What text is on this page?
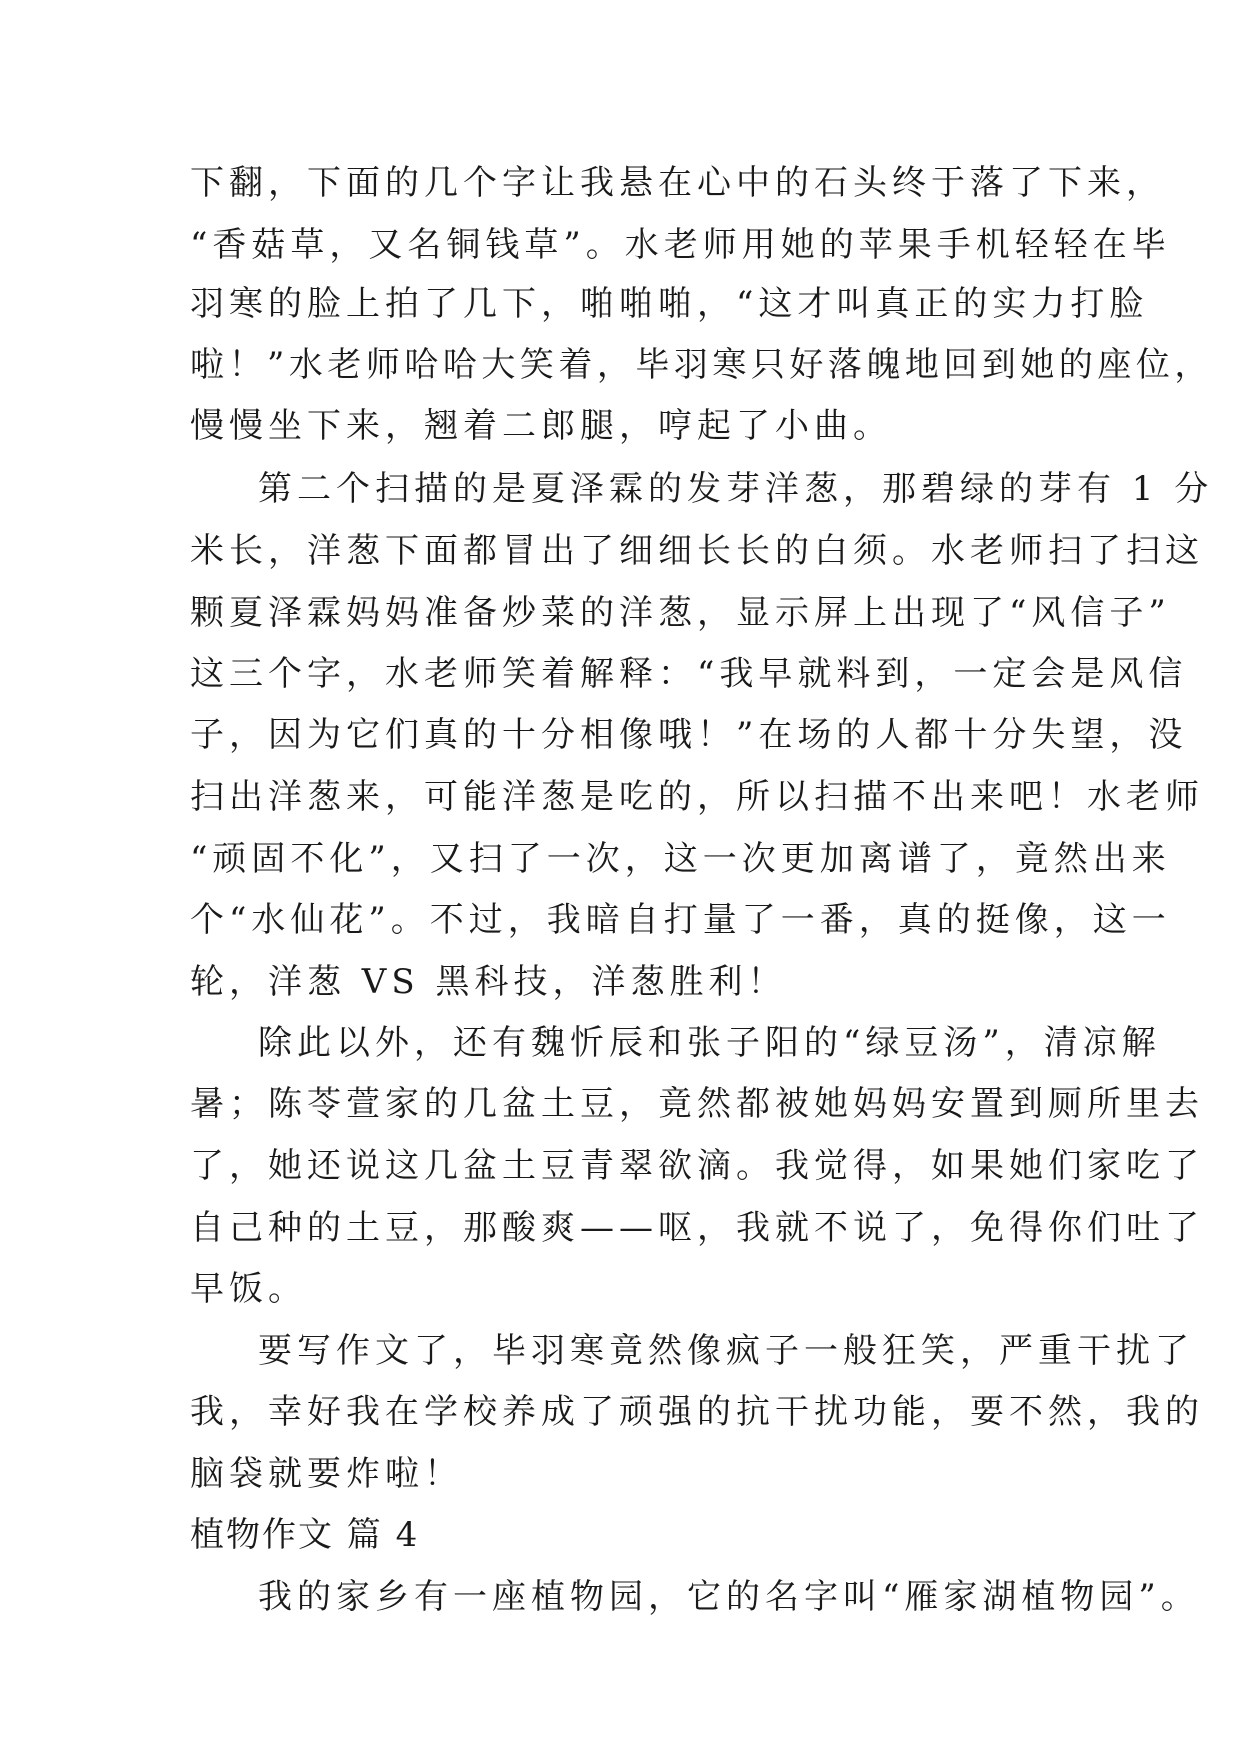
下翻，下面的几个字让我悬在心中的石头终于落了下来，
“香菇草，又名铜钱草”。水老师用她的苹果手机轻轻在毕
羽寒的脸上拍了几下，啪啪啪，“这才叫真正的实力打脸
啦！”水老师哈哈大笑着，毕羽寒只好落魄地回到她的座位，
慢慢坐下来，翘着二郎腿，哼起了小曲。
第二个扫描的是夏泽霖的发芽洋葱，那碧绿的芽有 1 分
米长，洋葱下面都冒出了细细长长的白须。水老师扫了扫这
颗夏泽霖妈妈准备炒菜的洋葱，显示屏上出现了“风信子”
这三个字，水老师笑着解释：“我早就料到，一定会是风信
子，因为它们真的十分相像哦！”在场的人都十分失望，没
扫出洋葱来，可能洋葱是吃的，所以扫描不出来吧！水老师
“顽固不化”，又扫了一次，这一次更加离谱了，竟然出来
个“水仙花”。不过，我暗自打量了一番，真的挺像，这一
轮，洋葱 VS 黑科技，洋葱胜利！
除此以外，还有魏忻辰和张子阳的“绿豆汤”，清凉解
暑；陈苓萱家的几盆土豆，竟然都被她妈妈安置到厕所里去
了，她还说这几盆土豆青翠欲滴。我觉得，如果她们家吃了
自己种的土豆，那酸爽——呕，我就不说了，免得你们吐了
早饭。
要写作文了，毕羽寒竟然像疯子一般狂笑，严重干扰了
我，幸好我在学校养成了顽强的抗干扰功能，要不然，我的
脑袋就要炸啦！
植物作文 篇 4
我的家乡有一座植物园，它的名字叫“雁家湖植物园”。
